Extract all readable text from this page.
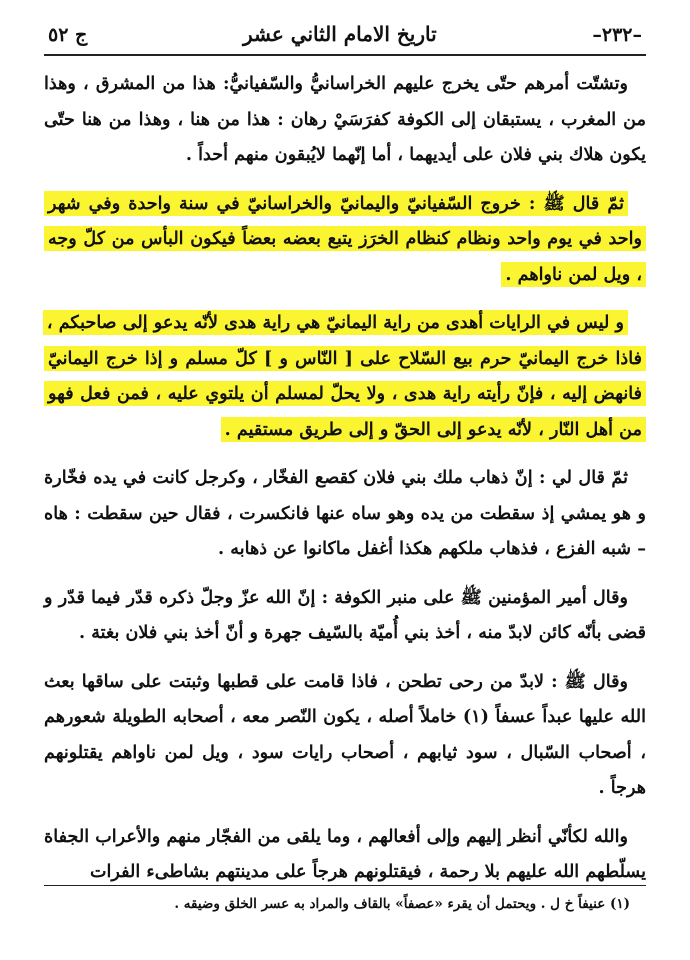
–٢٣٢–
تاريخ الامام الثاني عشر
ج ٥٢

وتشتّت أمرهم حتّى يخرج عليهم الخراسانيُّ والسّفيانيُّ: هذا من المشرق ، وهذا من المغرب ، يستبقان إلى الكوفة كفرَسَيْ رهان : هذا من هنا ، وهذا من هنا حتّى يكون هلاك بني فلان على أيديهما ، أما إنّهما لايُبقون منهم أحداً .

ثمّ قال ﷺ : خروج السّفيانيّ واليمانيّ والخراسانيّ في سنة واحدة وفي شهر واحد في يوم واحد ونظام كنظام الخرَز يتبع بعضه بعضاً فيكون البأس من كلّ وجه ، ويل لمن ناواهم .

و ليس في الرايات أهدى من راية اليمانيّ هي راية هدى لأنّه يدعو إلى صاحبكم ، فاذا خرج اليمانيّ حرم بيع السّلاح على [ النّاس و ] كلّ مسلم و إذا خرج اليمانيّ فانهض إليه ، فإنّ رأيته راية هدى ، ولا يحلّ لمسلم أن يلتوي عليه ، فمن فعل فهو من أهل النّار ، لأنّه يدعو إلى الحقّ و إلى طريق مستقيم .

ثمّ قال لي : إنّ ذهاب ملك بني فلان كقصع الفخّار ، وكرجل كانت في يده فخّارة و هو يمشي إذ سقطت من يده وهو ساه عنها فانكسرت ، فقال حين سقطت : هاه – شبه الفزع ، فذهاب ملكهم هكذا أغفل ماكانوا عن ذهابه .

وقال أمير المؤمنين ﷺ على منبر الكوفة : إنّ الله عزّ وجلّ ذكره قدّر فيما قدّر و قضى بأنّه كائن لابدّ منه ، أخذ بني أُميّة بالسّيف جهرة و أنّ أخذ بني فلان بغتة .

وقال ﷺ : لابدّ من رحى تطحن ، فاذا قامت على قطبها وثبتت على ساقها بعث الله عليها عبداً عسفاً (١) خاملاً أصله ، يكون النّصر معه ، أصحابه الطويلة شعورهم ، أصحاب السّبال ، سود ثيابهم ، أصحاب رايات سود ، ويل لمن ناواهم يقتلونهم هرجاً .

والله لكأنّي أنظر إليهم وإلى أفعالهم ، وما يلقى من الفجّار منهم والأعراب الجفاة يسلّطهم الله عليهم بلا رحمة ، فيقتلونهم هرجاً على مدينتهم بشاطىء الفرات

(١) عنيفاً خ ل . ويحتمل أن يقرء «عصفاً» بالقاف والمراد به عسر الخلق وضيقه .
